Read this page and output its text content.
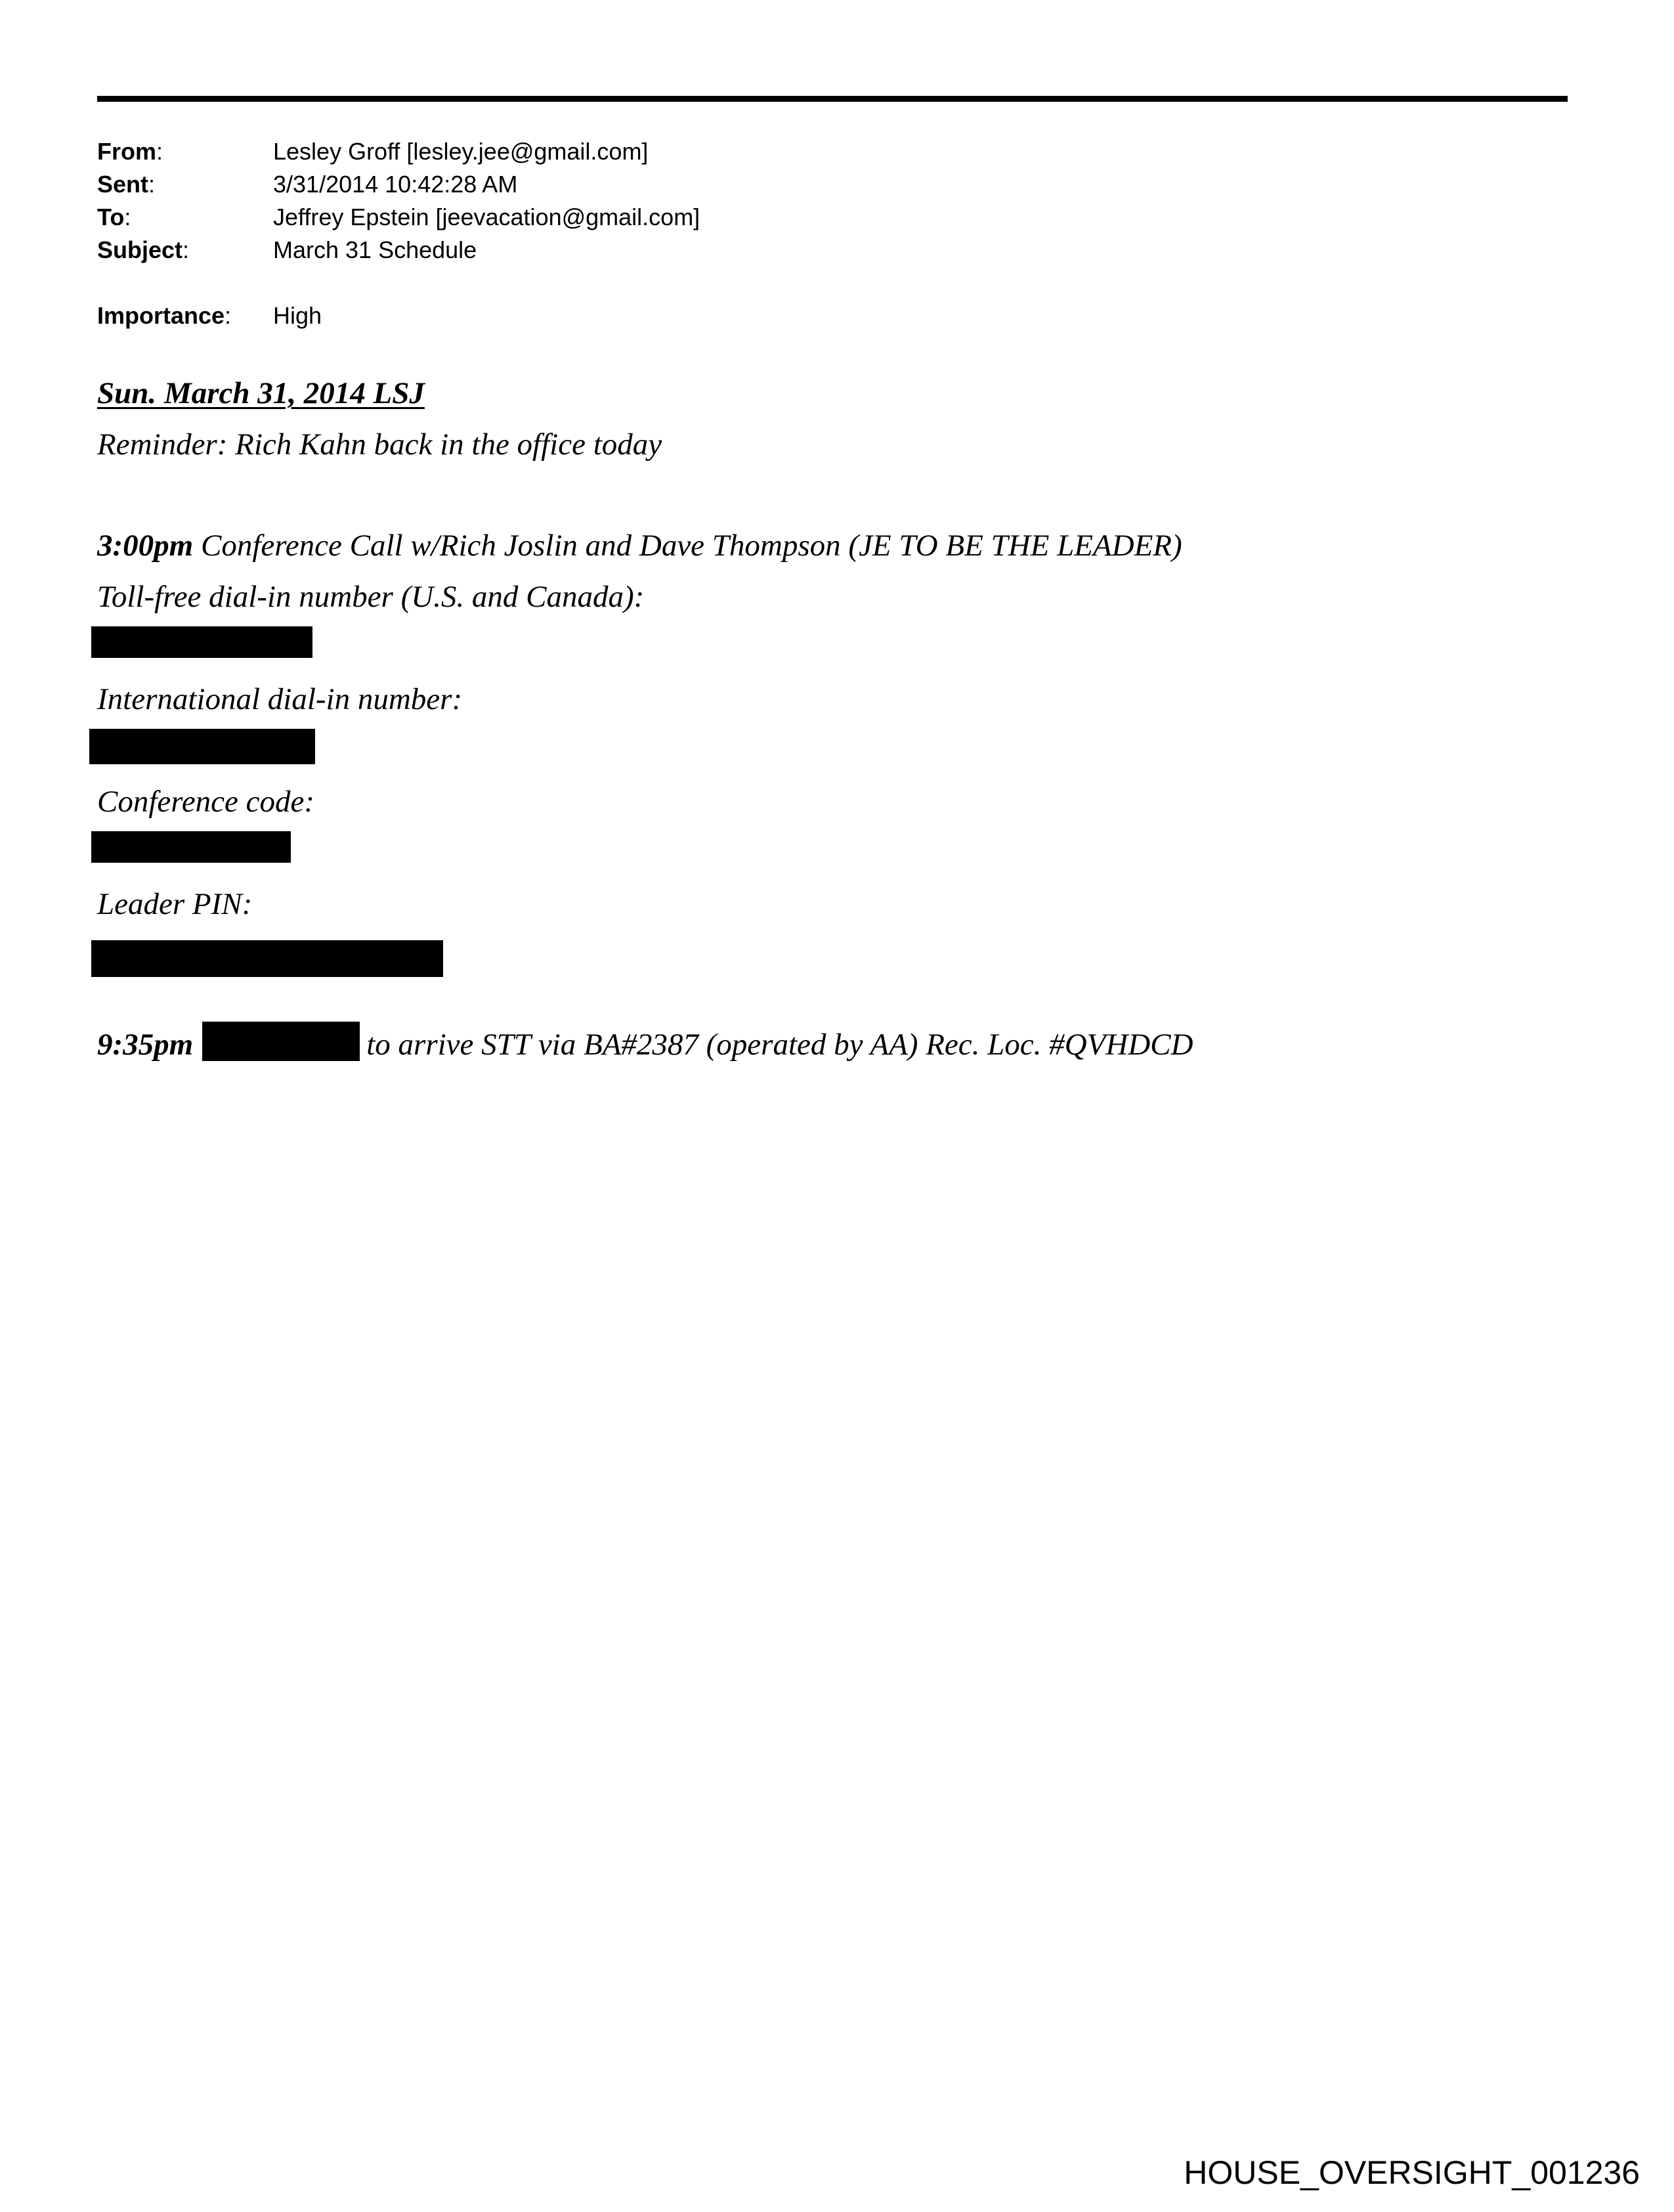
From:	Lesley Groff [lesley.jee@gmail.com]
Sent:	3/31/2014 10:42:28 AM
To:	Jeffrey Epstein [jeevacation@gmail.com]
Subject:	March 31 Schedule
Importance:	High
Sun. March 31, 2014 LSJ
Reminder: Rich Kahn back in the office today
3:00pm Conference Call w/Rich Joslin and Dave Thompson (JE TO BE THE LEADER)
Toll-free dial-in number (U.S. and Canada):
International dial-in number:
Conference code:
Leader PIN:
9:35pm	to arrive STT via BA#2387 (operated by AA) Rec. Loc. #QVHDCD
HOUSE_OVERSIGHT_001236
